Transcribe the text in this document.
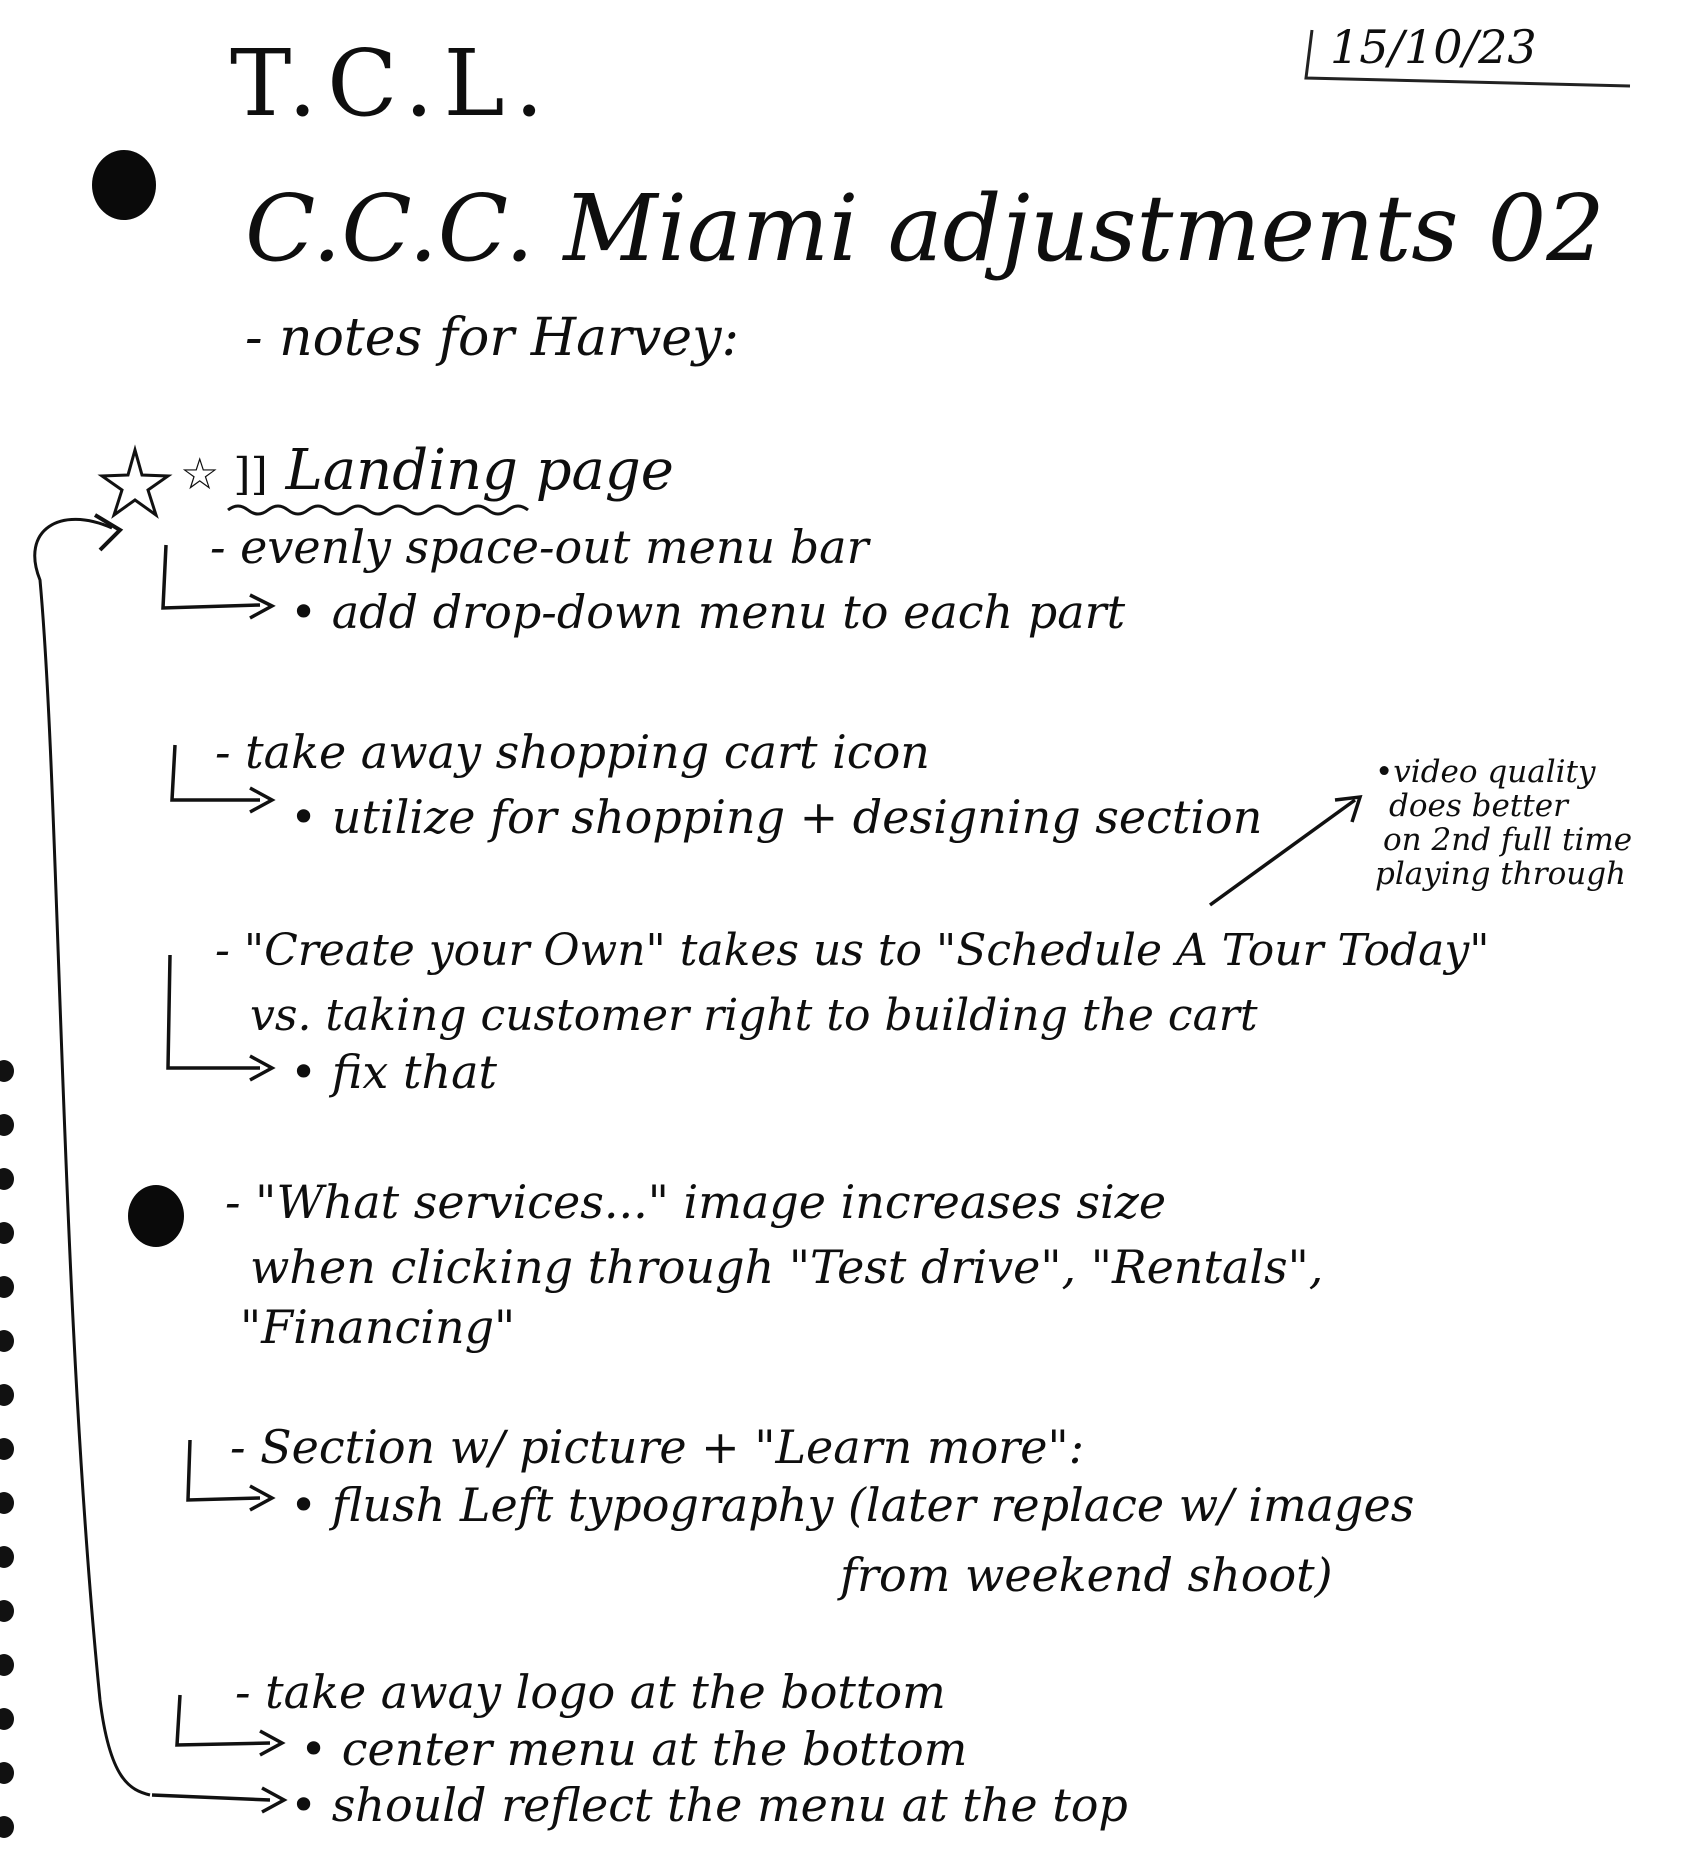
T.C.L.	15/10/23
C.C.C. Miami adjustments 02
- notes for Harvey:
☆ ]] Landing page
- evenly space-out menu bar
• add drop-down menu to each part
- take away shopping cart icon
• utilize for shopping + designing section
- "Create your Own" takes us to "Schedule A Tour Today"
vs. taking customer right to building the cart
• fix that
- "What services..." image increases size
when clicking through "Test drive", "Rentals",
"Financing"
- Section w/ picture + "Learn more":
• flush Left typography (later replace w/ images
from weekend shoot)
- take away logo at the bottom
• center menu at the bottom
• should reflect the menu at the top
•video quality
does better
on 2nd full time
playing through
